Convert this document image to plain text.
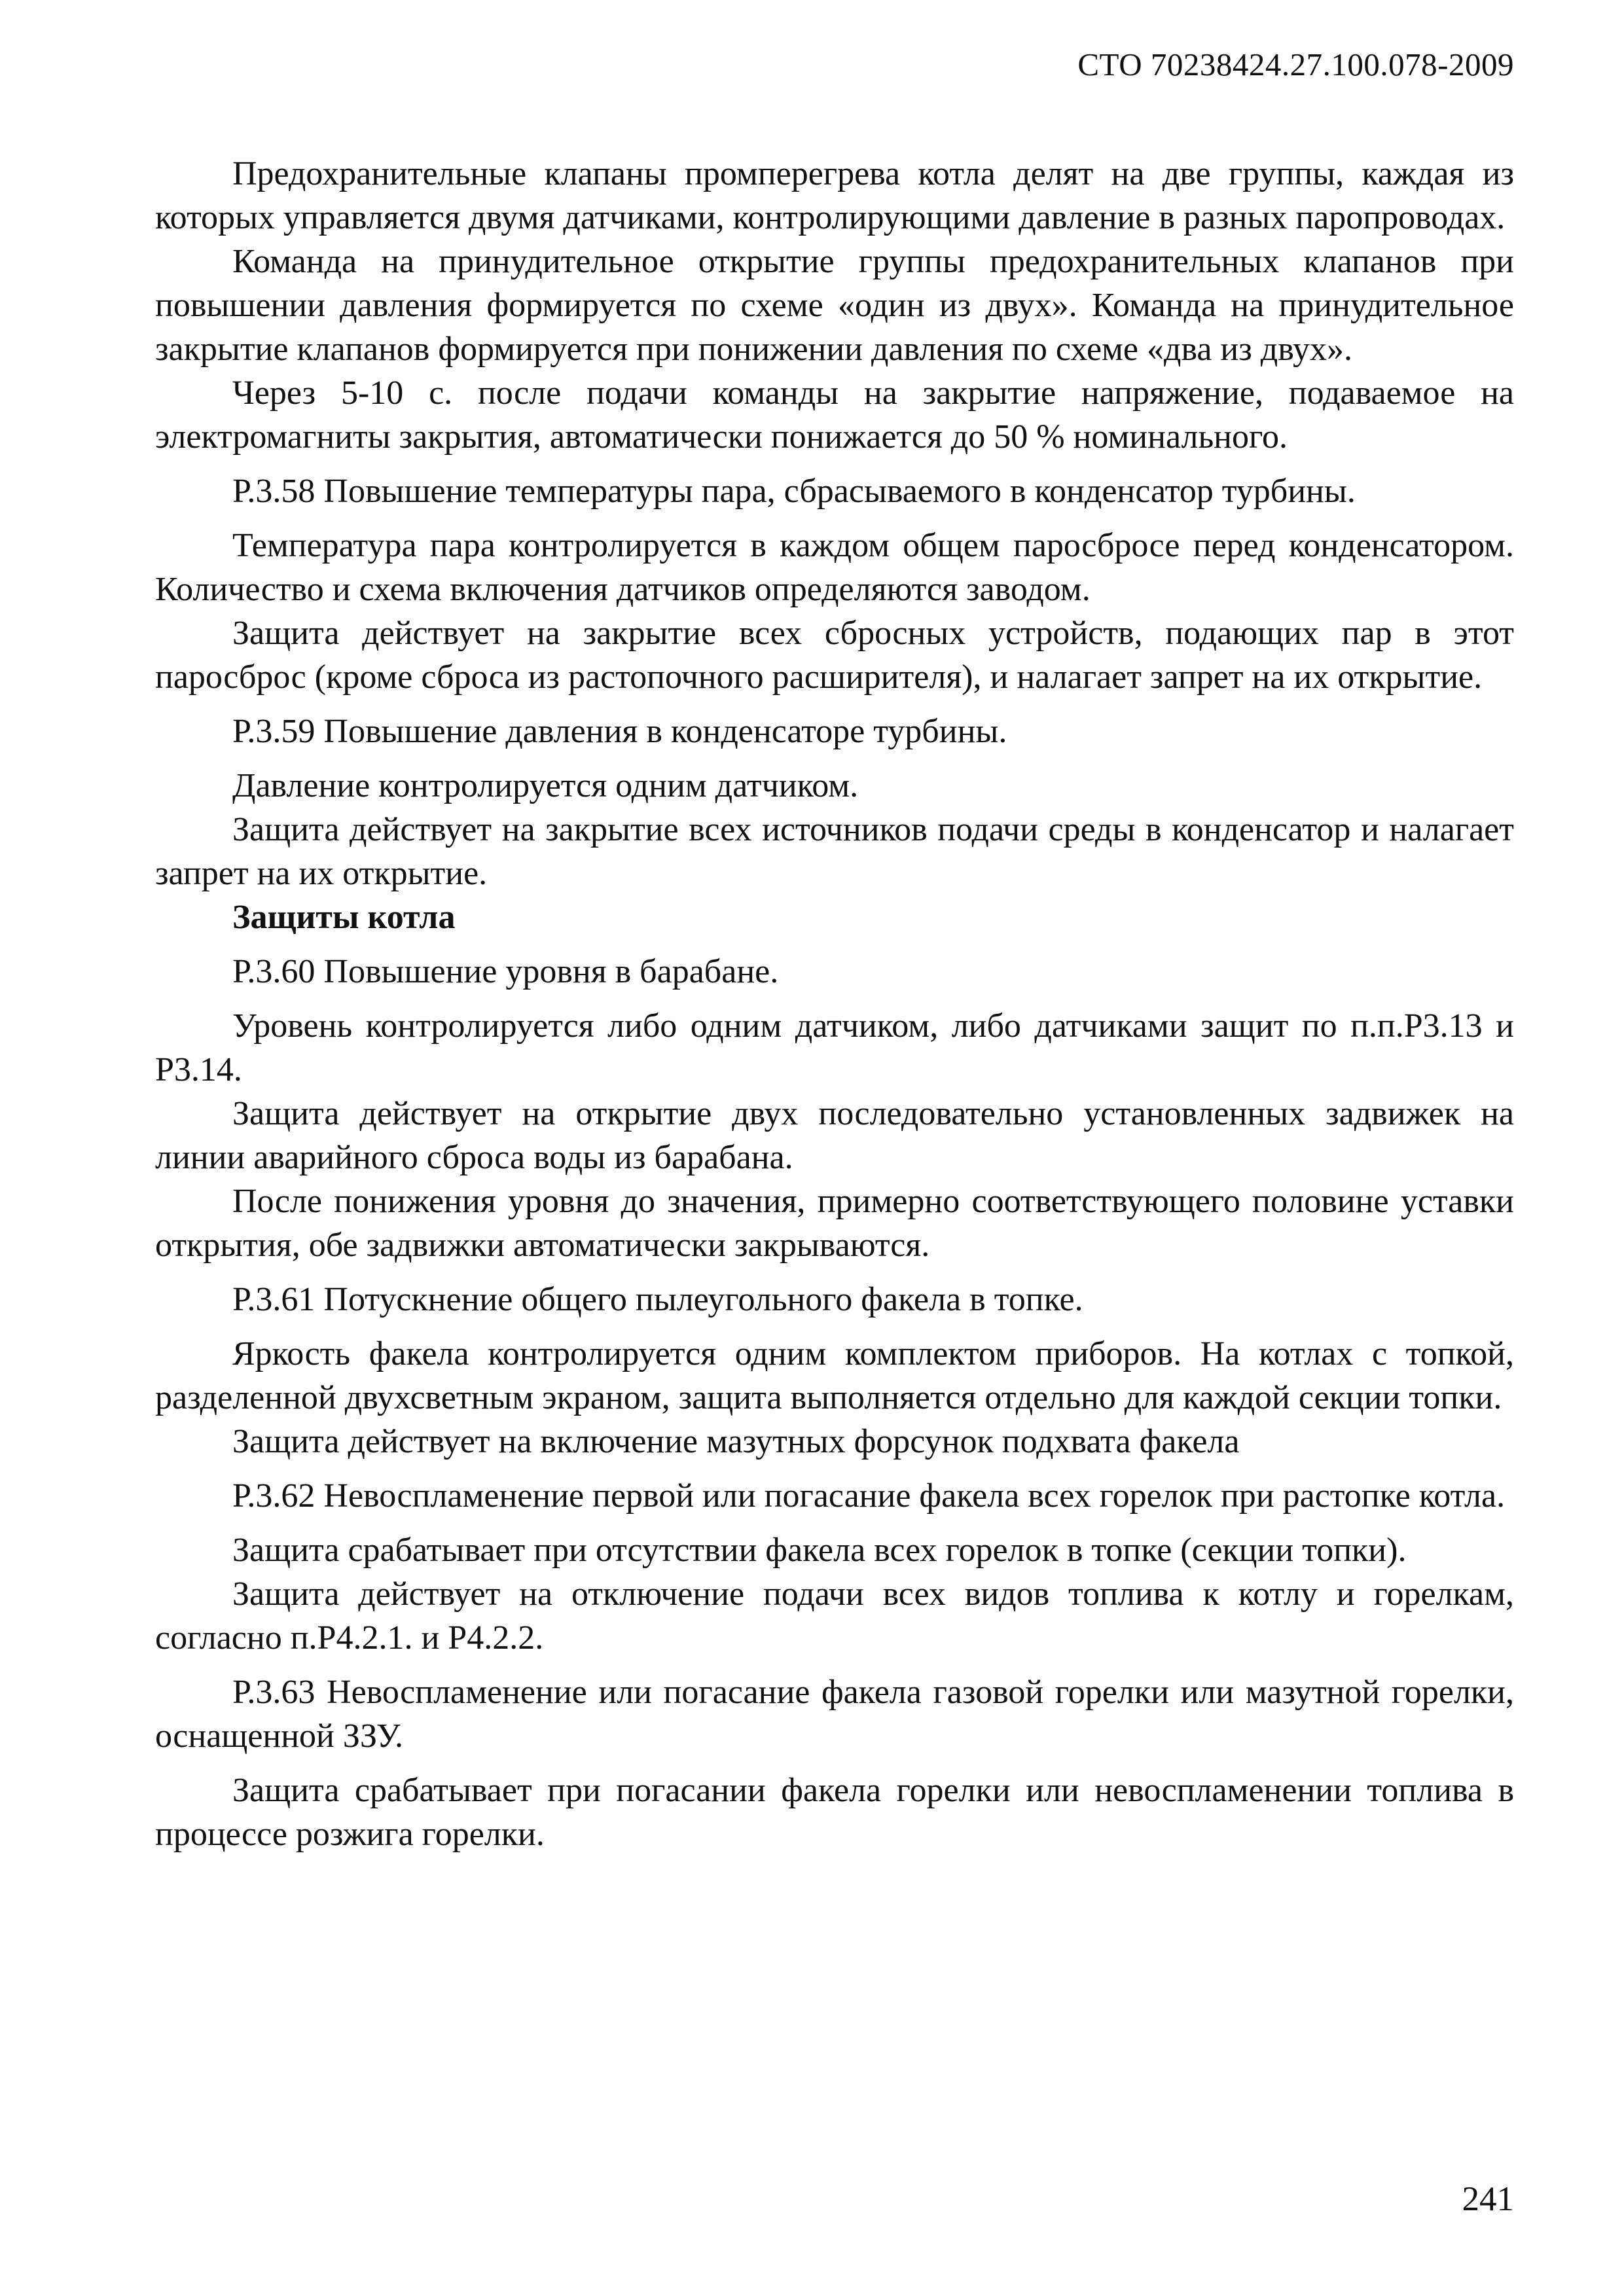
СТО 70238424.27.100.078-2009

Предохранительные клапаны промперегрева котла делят на две группы, каждая из которых управляется двумя датчиками, контролирующими давление в разных паропроводах.

Команда на принудительное открытие группы предохранительных клапанов при повышении давления формируется по схеме «один из двух». Команда на принудительное закрытие клапанов формируется при понижении давления по схеме «два из двух».

Через 5-10 с. после подачи команды на закрытие напряжение, подаваемое на электромагниты закрытия, автоматически понижается до 50 % номинального.

Р.3.58 Повышение температуры пара, сбрасываемого в конденсатор турбины.

Температура пара контролируется в каждом общем паросбросе перед конденсатором. Количество и схема включения датчиков определяются заводом.

Защита действует на закрытие всех сбросных устройств, подающих пар в этот паросброс (кроме сброса из растопочного расширителя), и налагает запрет на их открытие.

Р.3.59 Повышение давления в конденсаторе турбины.

Давление контролируется одним датчиком.

Защита действует на закрытие всех источников подачи среды в конденсатор и налагает запрет на их открытие.

Защиты котла

Р.3.60 Повышение уровня в барабане.

Уровень контролируется либо одним датчиком, либо датчиками защит по п.п.Р3.13 и Р3.14.

Защита действует на открытие двух последовательно установленных задвижек на линии аварийного сброса воды из барабана.

После понижения уровня до значения, примерно соответствующего половине уставки открытия, обе задвижки автоматически закрываются.

Р.3.61 Потускнение общего пылеугольного факела в топке.

Яркость факела контролируется одним комплектом приборов. На котлах с топкой, разделенной двухсветным экраном, защита выполняется отдельно для каждой секции топки.

Защита действует на включение мазутных форсунок подхвата факела

Р.3.62 Невоспламенение первой или погасание факела всех горелок при растопке котла.

Защита срабатывает при отсутствии факела всех горелок в топке (секции топки).

Защита действует на отключение подачи всех видов топлива к котлу и горелкам, согласно п.Р4.2.1. и Р4.2.2.

Р.3.63 Невоспламенение или погасание факела газовой горелки или мазутной горелки, оснащенной ЗЗУ.

Защита срабатывает при погасании факела горелки или невоспламенении топлива в процессе розжига горелки.

241
